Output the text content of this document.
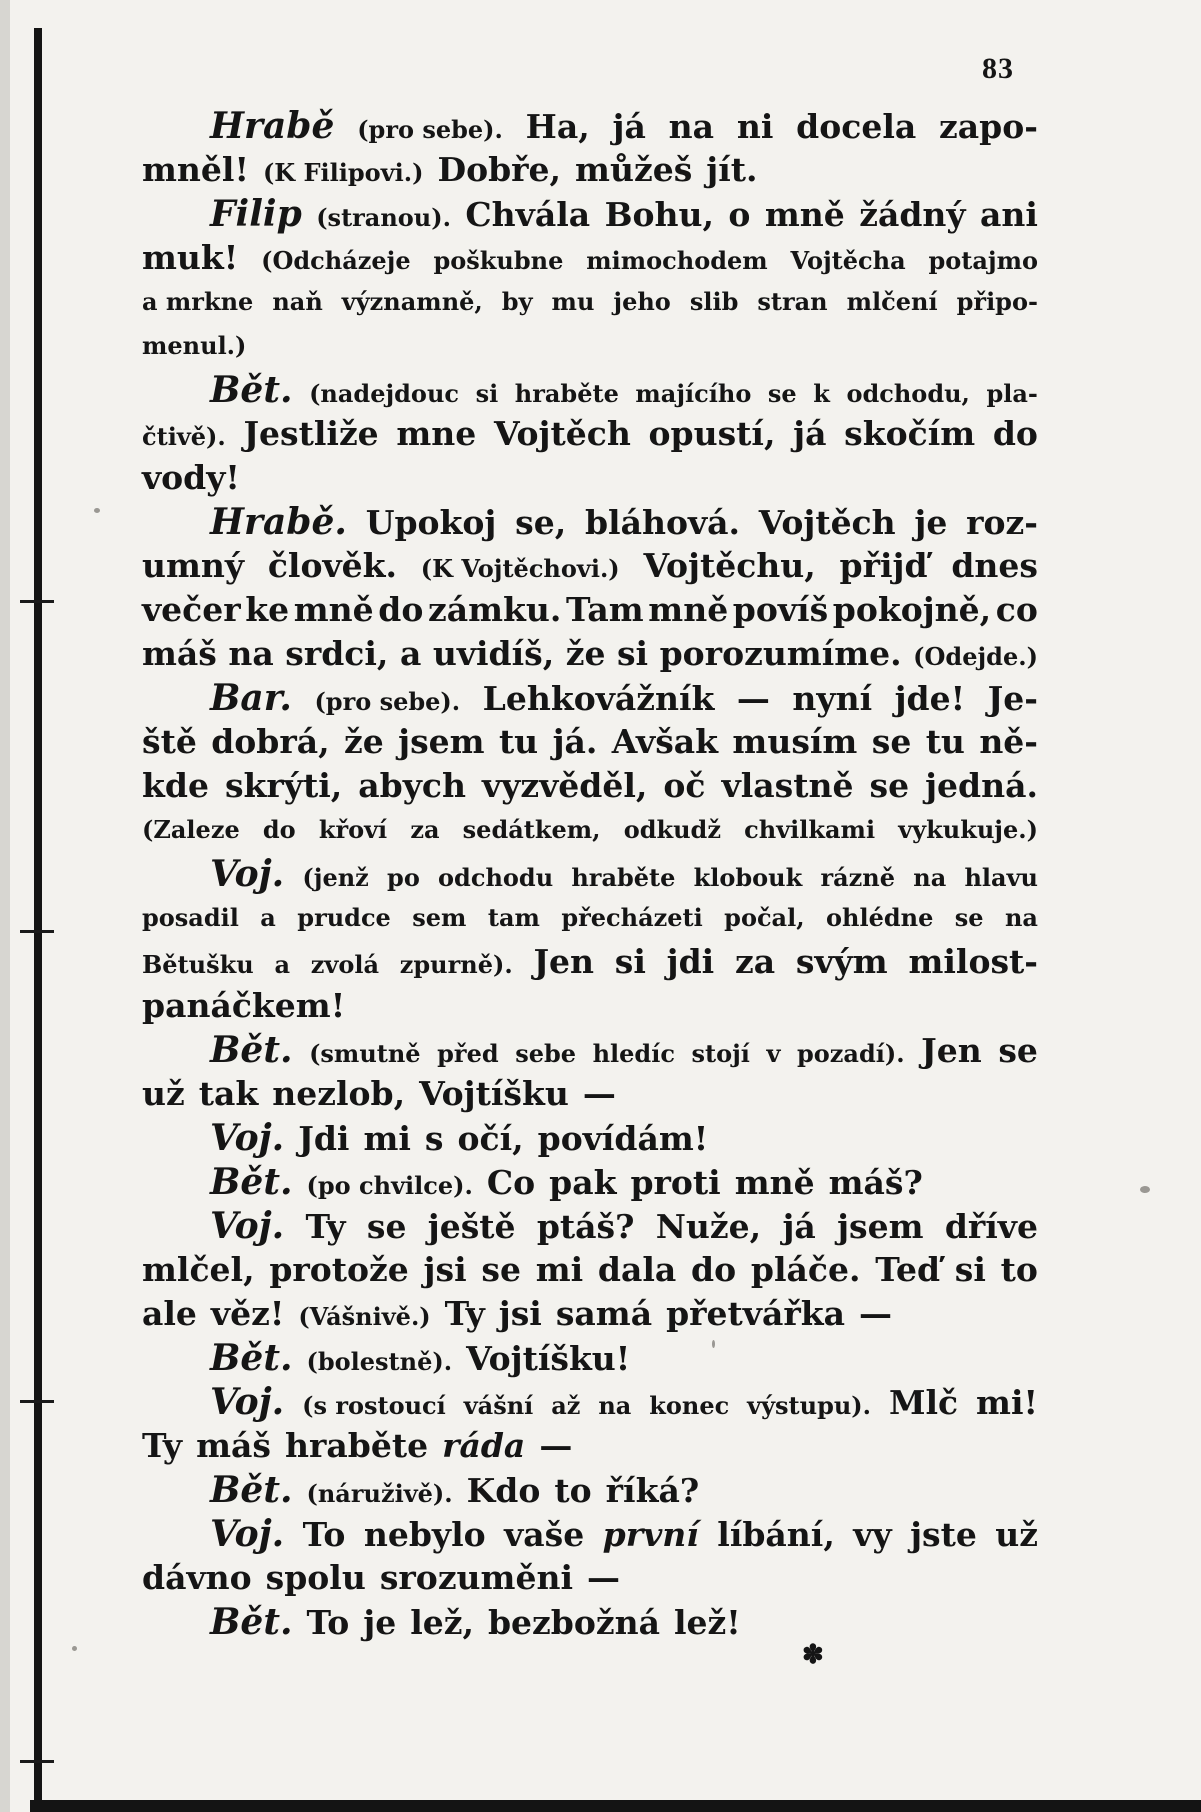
83
Hrabě (pro sebe). Ha, já na ni docela zapo-
mněl! (K Filipovi.) Dobře, můžeš jít.
Filip (stranou). Chvála Bohu, o mně žádný ani
muk! (Odcházeje poškubne mimochodem Vojtěcha potajmo
a mrkne naň významně, by mu jeho slib stran mlčení připo-
menul.)
Bět. (nadejdouc si hraběte majícího se k odchodu, pla-
čtivě). Jestliže mne Vojtěch opustí, já skočím do
vody!
Hrabě. Upokoj se, bláhová. Vojtěch je roz-
umný člověk. (K Vojtěchovi.) Vojtěchu, přijď dnes
večer ke mně do zámku. Tam mně povíš pokojně, co
máš na srdci, a uvidíš, že si porozumíme. (Odejde.)
Bar. (pro sebe). Lehkovážník — nyní jde! Je-
ště dobrá, že jsem tu já. Avšak musím se tu ně-
kde skrýti, abych vyzvěděl, oč vlastně se jedná.
(Zaleze do křoví za sedátkem, odkudž chvilkami vykukuje.)
Voj. (jenž po odchodu hraběte klobouk rázně na hlavu
posadil a prudce sem tam přecházeti počal, ohlédne se na
Bětušku a zvolá zpurně). Jen si jdi za svým milost-
panáčkem!
Bět. (smutně před sebe hledíc stojí v pozadí). Jen se
už tak nezlob, Vojtíšku —
Voj. Jdi mi s očí, povídám!
Bět. (po chvilce). Co pak proti mně máš?
Voj. Ty se ještě ptáš? Nuže, já jsem dříve
mlčel, protože jsi se mi dala do pláče. Teď si to
ale věz! (Vášnivě.) Ty jsi samá přetvářka —
Bět. (bolestně). Vojtíšku!
Voj. (s rostoucí vášní až na konec výstupu). Mlč mi!
Ty máš hraběte ráda —
Bět. (náruživě). Kdo to říká?
Voj. To nebylo vaše první líbání, vy jste už
dávno spolu srozuměni —
Bět. To je lež, bezbožná lež!
✽
